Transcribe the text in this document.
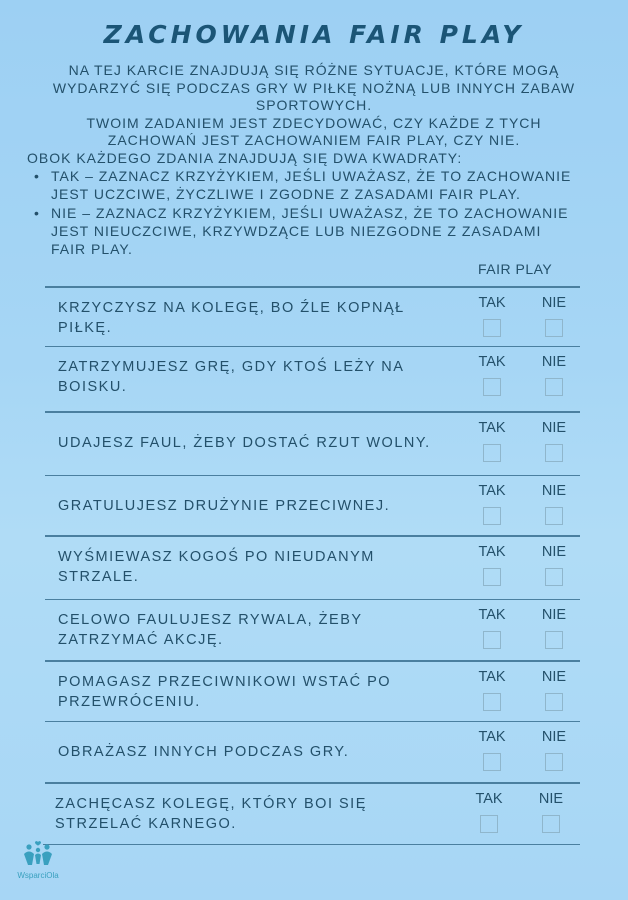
ZACHOWANIA FAIR PLAY
NA TEJ KARCIE ZNAJDUJĄ SIĘ RÓŻNE SYTUACJE, KTÓRE MOGĄ
WYDARZYĆ SIĘ PODCZAS GRY W PIŁKĘ NOŻNĄ LUB INNYCH ZABAW
SPORTOWYCH.
TWOIM ZADANIEM JEST ZDECYDOWAĆ, CZY KAŻDE Z TYCH
ZACHOWAŃ JEST ZACHOWANIEM FAIR PLAY, CZY NIE.
OBOK KAŻDEGO ZDANIA ZNAJDUJĄ SIĘ DWA KWADRATY:
• TAK – ZAZNACZ KRZYŻYKIEM, JEŚLI UWAŻASZ, ŻE TO ZACHOWANIE
JEST UCZCIWE, ŻYCZLIWE I ZGODNE Z ZASADAMI FAIR PLAY.
• NIE – ZAZNACZ KRZYŻYKIEM, JEŚLI UWAŻASZ, ŻE TO ZACHOWANIE
JEST NIEUCZCIWE, KRZYWDZĄCE LUB NIEZGODNE Z ZASADAMI
FAIR PLAY.
FAIR PLAY
KRZYCZYSZ NA KOLEGĘ, BO ŹLE KOPNĄŁ
PIŁKĘ.
TAK	NIE
ZATRZYMUJESZ GRĘ, GDY KTOŚ LEŻY NA
BOISKU.
TAK	NIE
UDAJESZ FAUL, ŻEBY DOSTAĆ RZUT WOLNY.
TAK	NIE
GRATULUJESZ DRUŻYNIE PRZECIWNEJ.
TAK	NIE
WYŚMIEWASZ KOGOŚ PO NIEUDANYM
STRZALE.
TAK	NIE
CELOWO FAULUJESZ RYWALA, ŻEBY
ZATRZYMAĆ AKCJĘ.
TAK	NIE
POMAGASZ PRZECIWNIKOWI WSTAĆ PO
PRZEWRÓCENIU.
TAK	NIE
OBRAŻASZ INNYCH PODCZAS GRY.
TAK	NIE
ZACHĘCASZ KOLEGĘ, KTÓRY BOI SIĘ
STRZELAĆ KARNEGO.
TAK	NIE
WsparciOla
